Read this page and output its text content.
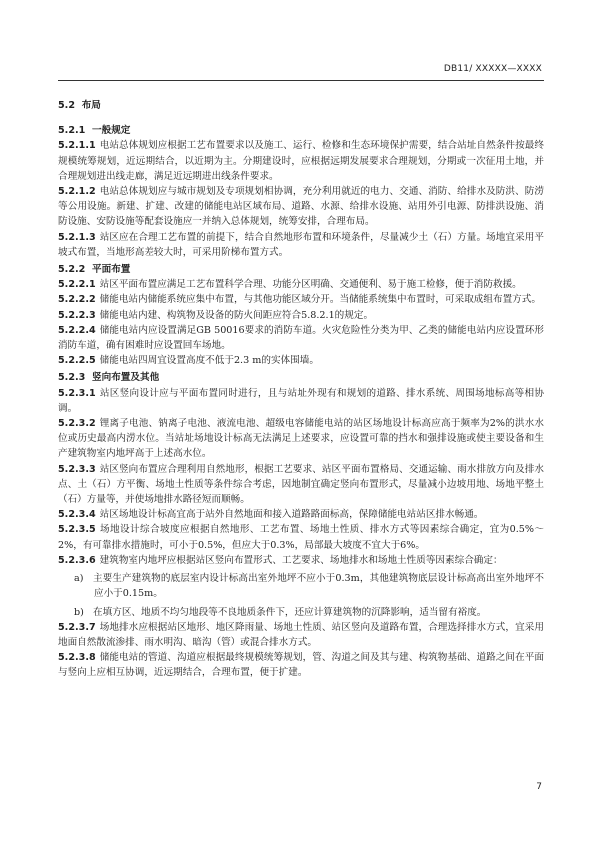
DB11/ XXXXX—XXXX
5.2 布局
5.2.1 一般规定

5.2.1.1 电站总体规划应根据工艺布置要求以及施工、运行、检修和生态环境保护需要，结合站址自然条件按最终规模统筹规划，近远期结合，以近期为主。分期建设时，应根据远期发展要求合理规划，分期或一次征用土地，并合理规划进出线走廊，满足近远期进出线条件要求。

5.2.1.2 电站总体规划应与城市规划及专项规划相协调，充分利用就近的电力、交通、消防、给排水及防洪、防涝等公用设施。新建、扩建、改建的储能电站区域布局、道路、水源、给排水设施、站用外引电源、防排洪设施、消防设施、安防设施等配套设施应一并纳入总体规划，统筹安排，合理布局。

5.2.1.3 站区应在合理工艺布置的前提下，结合自然地形布置和环境条件，尽量减少土（石）方量。场地宜采用平坡式布置，当地形高差较大时，可采用阶梯布置方式。

5.2.2 平面布置

5.2.2.1 站区平面布置应满足工艺布置科学合理、功能分区明确、交通便利、易于施工检修，便于消防救援。

5.2.2.2 储能电站内储能系统应集中布置，与其他功能区域分开。当储能系统集中布置时，可采取成组布置方式。

5.2.2.3 储能电站内建、构筑物及设备的防火间距应符合5.8.2.1的规定。

5.2.2.4 储能电站内应设置满足GB 50016要求的消防车道。火灾危险性分类为甲、乙类的储能电站内应设置环形消防车道，确有困难时应设置回车场地。

5.2.2.5 储能电站四周宜设置高度不低于2.3 m的实体围墙。

5.2.3 竖向布置及其他

5.2.3.1 站区竖向设计应与平面布置同时进行，且与站址外现有和规划的道路、排水系统、周围场地标高等相协调。

5.2.3.2 锂离子电池、钠离子电池、液流电池、超级电容储能电站的站区场地设计标高应高于频率为2%的洪水水位或历史最高内涝水位。当站址场地设计标高无法满足上述要求，应设置可靠的挡水和强排设施或使主要设备和生产建筑物室内地坪高于上述高水位。

5.2.3.3 站区竖向布置应合理利用自然地形，根据工艺要求、站区平面布置格局、交通运输、雨水排放方向及排水点、土（石）方平衡、场地土性质等条件综合考虑，因地制宜确定竖向布置形式，尽量减小边坡用地、场地平整土（石）方量等，并使场地排水路径短而顺畅。

5.2.3.4 站区场地设计标高宜高于站外自然地面和接入道路路面标高，保障储能电站站区排水畅通。

5.2.3.5 场地设计综合坡度应根据自然地形、工艺布置、场地土性质、排水方式等因素综合确定，宜为0.5%～2%，有可靠排水措施时，可小于0.5%，但应大于0.3%，局部最大坡度不宜大于6%。

5.2.3.6 建筑物室内地坪应根据站区竖向布置形式、工艺要求、场地排水和场地土性质等因素综合确定：

a) 主要生产建筑物的底层室内设计标高出室外地坪不应小于0.3m，其他建筑物底层设计标高高出室外地坪不应小于0.15m。

b) 在填方区、地质不均匀地段等不良地质条件下，还应计算建筑物的沉降影响，适当留有裕度。

5.2.3.7 场地排水应根据站区地形、地区降雨量、场地土性质、站区竖向及道路布置，合理选择排水方式，宜采用地面自然散流渗排、雨水明沟、暗沟（管）或混合排水方式。

5.2.3.8 储能电站的管道、沟道应根据最终规模统筹规划，管、沟道之间及其与建、构筑物基础、道路之间在平面与竖向上应相互协调，近远期结合，合理布置，便于扩建。

7
